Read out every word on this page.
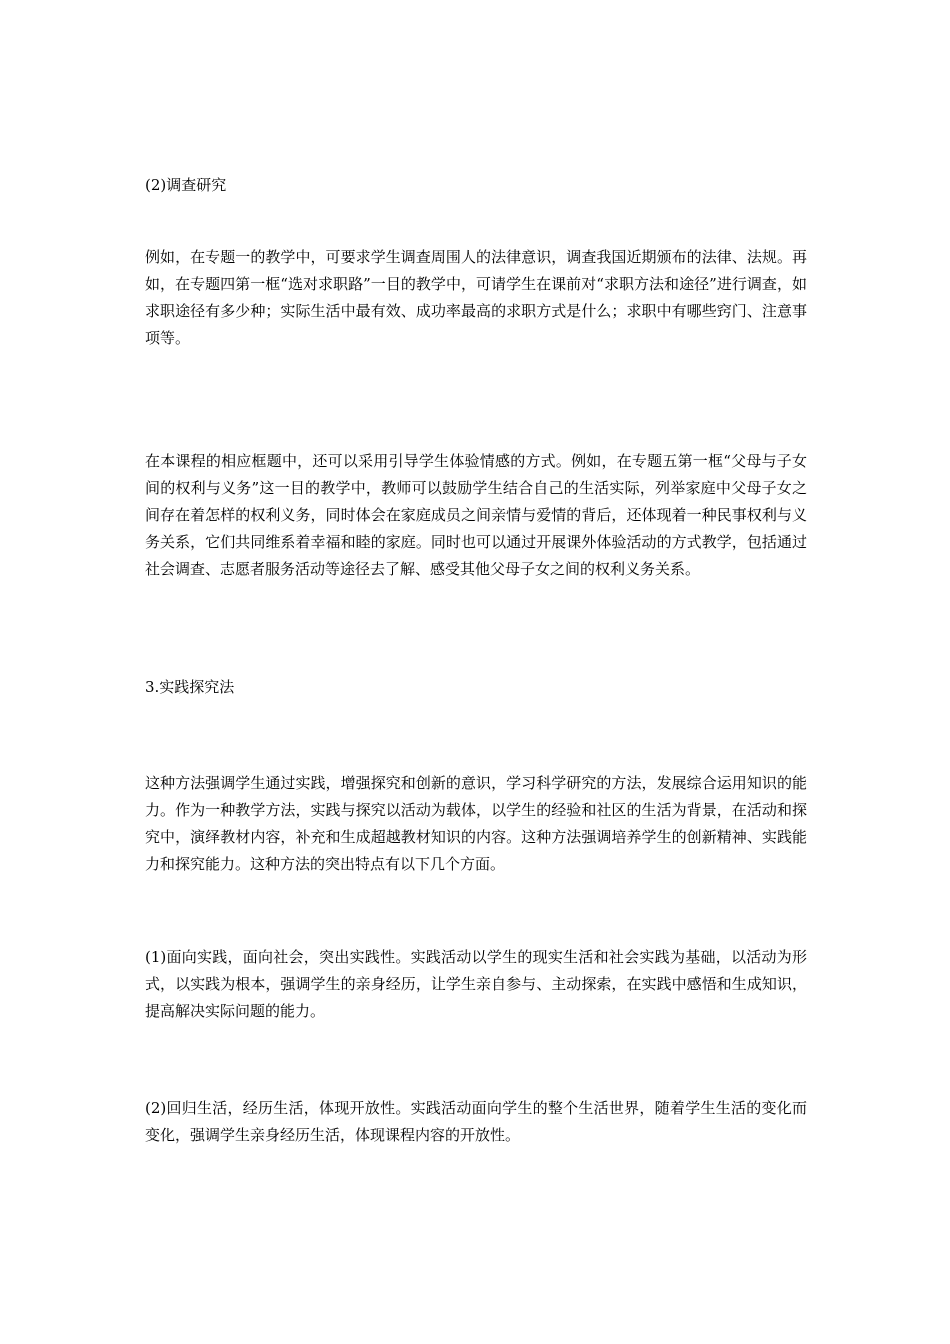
(2)调查研究

例如，在专题一的教学中，可要求学生调查周围人的法律意识，调查我国近期颁布的法律、法规。再如，在专题四第一框“选对求职路”一目的教学中，可请学生在课前对“求职方法和途径”进行调查，如求职途径有多少种；实际生活中最有效、成功率最高的求职方式是什么；求职中有哪些窍门、注意事项等。

在本课程的相应框题中，还可以采用引导学生体验情感的方式。例如，在专题五第一框“父母与子女间的权利与义务”这一目的教学中，教师可以鼓励学生结合自己的生活实际，列举家庭中父母子女之间存在着怎样的权利义务，同时体会在家庭成员之间亲情与爱情的背后，还体现着一种民事权利与义务关系，它们共同维系着幸福和睦的家庭。同时也可以通过开展课外体验活动的方式教学，包括通过社会调查、志愿者服务活动等途径去了解、感受其他父母子女之间的权利义务关系。

3.实践探究法

这种方法强调学生通过实践，增强探究和创新的意识，学习科学研究的方法，发展综合运用知识的能力。作为一种教学方法，实践与探究以活动为载体，以学生的经验和社区的生活为背景，在活动和探究中，演绎教材内容，补充和生成超越教材知识的内容。这种方法强调培养学生的创新精神、实践能力和探究能力。这种方法的突出特点有以下几个方面。

(1)面向实践，面向社会，突出实践性。实践活动以学生的现实生活和社会实践为基础，以活动为形式，以实践为根本，强调学生的亲身经历，让学生亲自参与、主动探索，在实践中感悟和生成知识，提高解决实际问题的能力。

(2)回归生活，经历生活，体现开放性。实践活动面向学生的整个生活世界，随着学生生活的变化而变化，强调学生亲身经历生活，体现课程内容的开放性。
